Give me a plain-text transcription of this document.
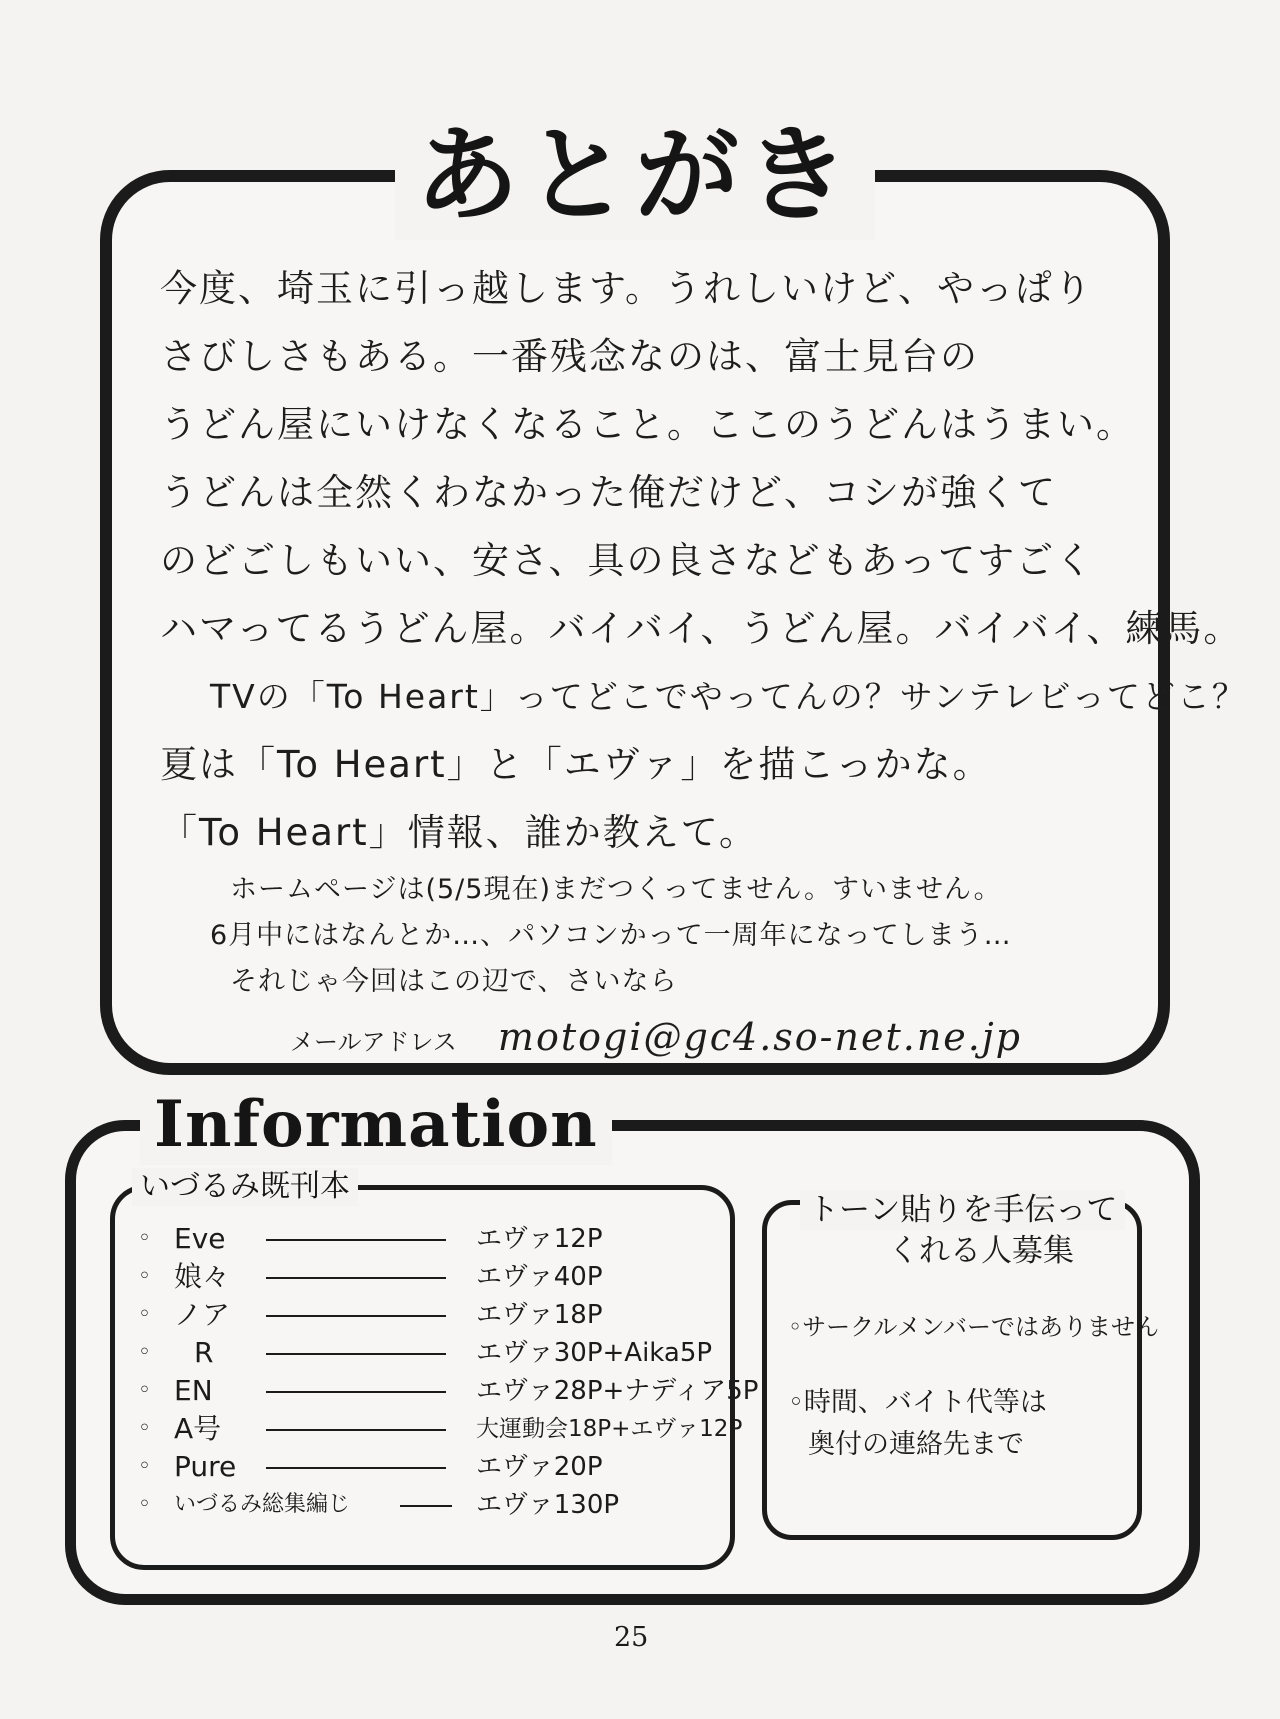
あとがき
今度、埼玉に引っ越します。うれしいけど、やっぱり
さびしさもある。一番残念なのは、富士見台の
うどん屋にいけなくなること。ここのうどんはうまい。
うどんは全然くわなかった俺だけど、コシが強くて
のどごしもいい、安さ、具の良さなどもあってすごく
ハマってるうどん屋。バイバイ、うどん屋。バイバイ、練馬。
TVの「To Heart」ってどこでやってんの？サンテレビってどこ？
夏は「To Heart」と「エヴァ」を描こっかな。
「To Heart」情報、誰か教えて。
ホームページは(5/5現在)まだつくってません。すいません。
6月中にはなんとか…、パソコンかって一周年になってしまう…
それじゃ今回はこの辺で、さいなら
メールアドレス motogi@gc4.so-net.ne.jp
Information
いづるみ既刊本
◦ Eve	エヴァ12P
◦ 娘々	エヴァ40P
◦ ノア	エヴァ18P
◦	R	エヴァ30P+Aika5P
◦ EN	エヴァ28P+ナディア5P
◦ A号	大運動会18P+エヴァ12P
◦ Pure	エヴァ20P
◦ いづるみ総集編じ	エヴァ130P
トーン貼りを手伝って
くれる人募集
◦サークルメンバーではありません
◦時間、バイト代等は
奥付の連絡先まで
25
